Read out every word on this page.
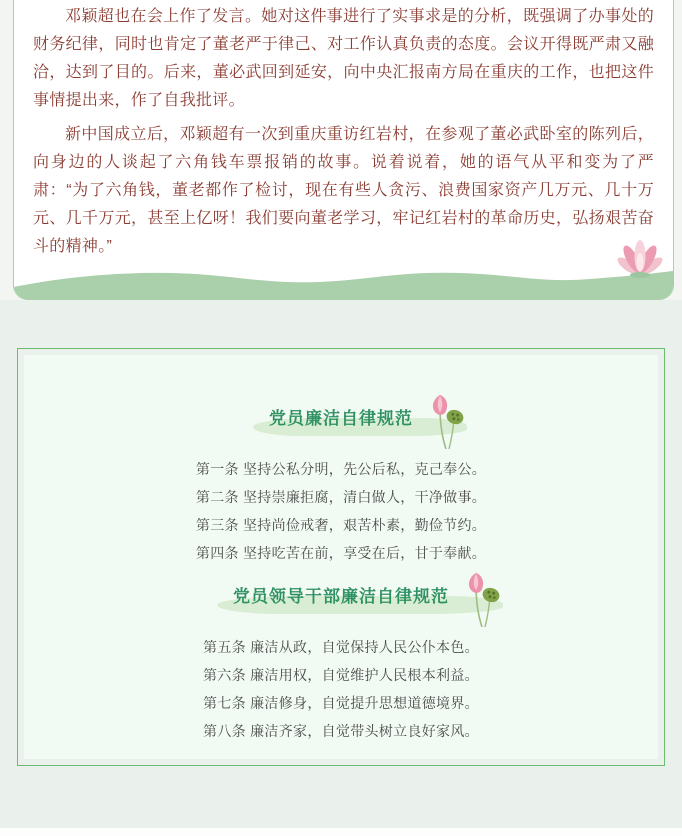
邓颖超也在会上作了发言。她对这件事进行了实事求是的分析，既强调了办事处的财务纪律，同时也肯定了董老严于律己、对工作认真负责的态度。会议开得既严肃又融洽，达到了目的。后来，董必武回到延安，向中央汇报南方局在重庆的工作，也把这件事情提出来，作了自我批评。

新中国成立后，邓颖超有一次到重庆重访红岩村，在参观了董必武卧室的陈列后，向身边的人谈起了六角钱车票报销的故事。说着说着，她的语气从平和变为了严肃：“为了六角钱，董老都作了检讨，现在有些人贪污、浪费国家资产几万元、几十万元、几千万元，甚至上亿呀！我们要向董老学习，牢记红岩村的革命历史，弘扬艰苦奋斗的精神。”

党员廉洁自律规范

第一条 坚持公私分明，先公后私，克己奉公。

第二条 坚持崇廉拒腐，清白做人，干净做事。

第三条 坚持尚俭戒奢，艰苦朴素，勤俭节约。

第四条 坚持吃苦在前，享受在后，甘于奉献。

党员领导干部廉洁自律规范

第五条 廉洁从政，自觉保持人民公仆本色。

第六条 廉洁用权，自觉维护人民根本利益。

第七条 廉洁修身，自觉提升思想道德境界。

第八条 廉洁齐家，自觉带头树立良好家风。
